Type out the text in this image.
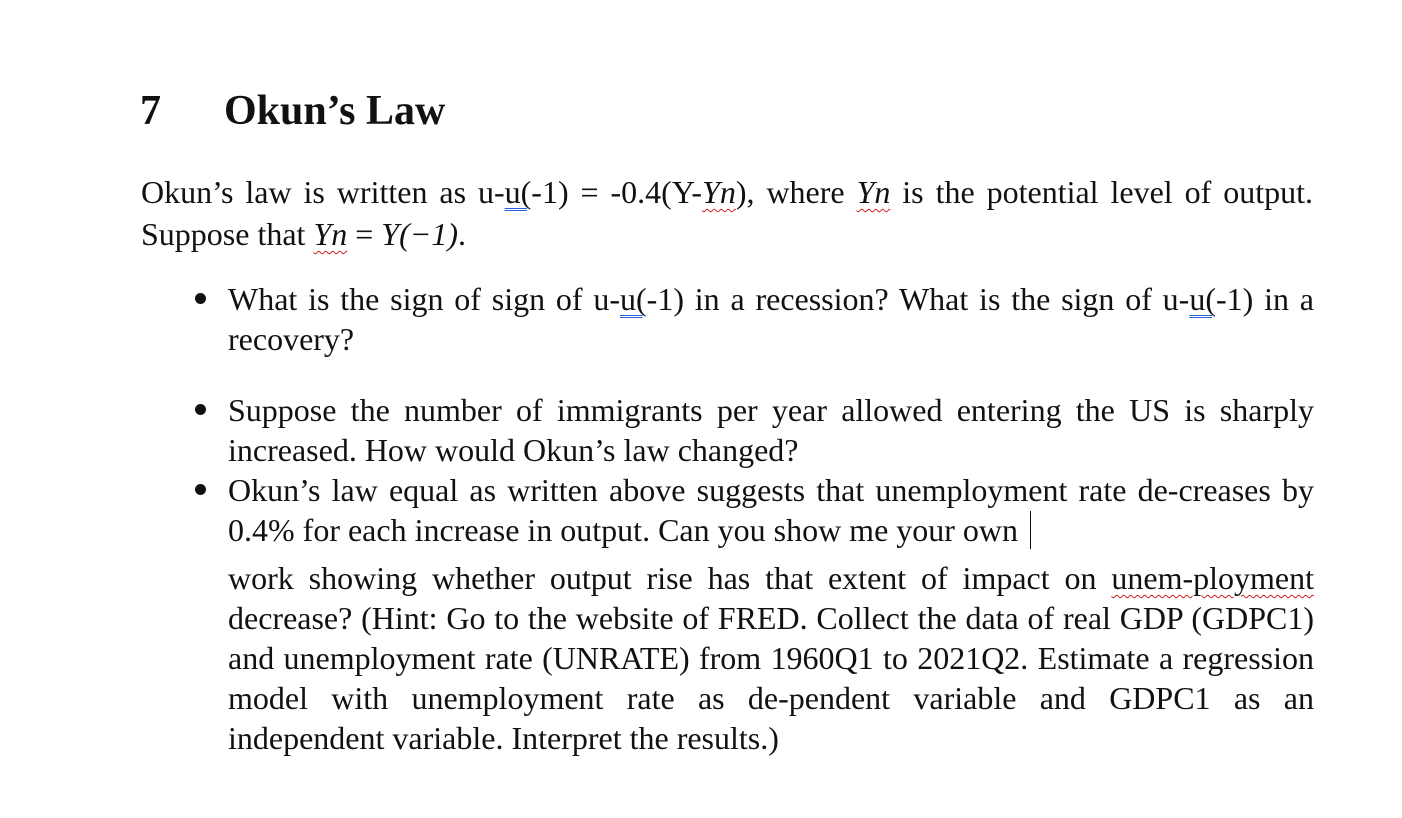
7 Okun’s Law

Okun’s law is written as u-u(-1) = -0.4(Y-Yn), where Yn is the potential level of output. Suppose that Yn = Y(−1).

What is the sign of sign of u-u(-1) in a recession? What is the sign of u-u(-1) in a recovery?
Suppose the number of immigrants per year allowed entering the US is sharply increased. How would Okun’s law changed?
Okun’s law equal as written above suggests that unemployment rate de-creases by 0.4% for each increase in output. Can you show me your own
work showing whether output rise has that extent of impact on unem-ployment decrease? (Hint: Go to the website of FRED. Collect the data of real GDP (GDPC1) and unemployment rate (UNRATE) from 1960Q1 to 2021Q2. Estimate a regression model with unemployment rate as de-pendent variable and GDPC1 as an independent variable. Interpret the results.)
